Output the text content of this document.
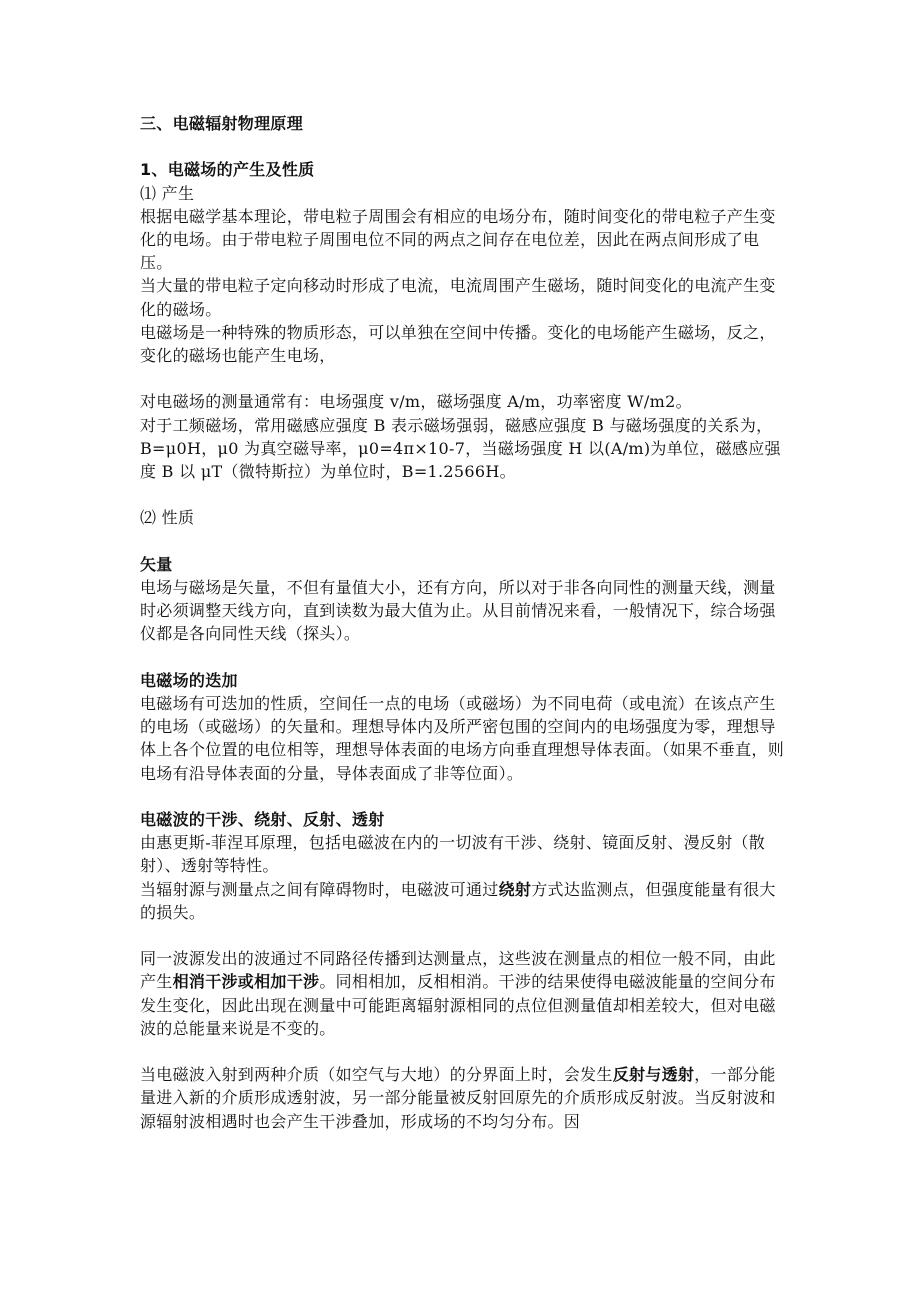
三、电磁辐射物理原理

1、电磁场的产生及性质

⑴ 产生

根据电磁学基本理论，带电粒子周围会有相应的电场分布，随时间变化的带电粒子产生变化的电场。由于带电粒子周围电位不同的两点之间存在电位差，因此在两点间形成了电压。

当大量的带电粒子定向移动时形成了电流，电流周围产生磁场，随时间变化的电流产生变化的磁场。

电磁场是一种特殊的物质形态，可以单独在空间中传播。变化的电场能产生磁场，反之，变化的磁场也能产生电场，

对电磁场的测量通常有：电场强度 v/m，磁场强度 A/m，功率密度 W/m2。

对于工频磁场，常用磁感应强度 B 表示磁场强弱，磁感应强度 B 与磁场强度的关系为，B=μ0H，μ0 为真空磁导率，μ0=4π×10-7，当磁场强度 H 以(A/m)为单位，磁感应强度 B 以 μT（微特斯拉）为单位时，B=1.2566H。

⑵ 性质

矢量

电场与磁场是矢量，不但有量值大小，还有方向，所以对于非各向同性的测量天线，测量时必须调整天线方向，直到读数为最大值为止。从目前情况来看，一般情况下，综合场强仪都是各向同性天线（探头）。

电磁场的迭加

电磁场有可迭加的性质，空间任一点的电场（或磁场）为不同电荷（或电流）在该点产生的电场（或磁场）的矢量和。理想导体内及所严密包围的空间内的电场强度为零，理想导体上各个位置的电位相等，理想导体表面的电场方向垂直理想导体表面。（如果不垂直，则电场有沿导体表面的分量，导体表面成了非等位面）。

电磁波的干涉、绕射、反射、透射

由惠更斯-菲涅耳原理，包括电磁波在内的一切波有干涉、绕射、镜面反射、漫反射（散射）、透射等特性。

当辐射源与测量点之间有障碍物时，电磁波可通过绕射方式达监测点，但强度能量有很大的损失。

同一波源发出的波通过不同路径传播到达测量点，这些波在测量点的相位一般不同，由此产生相消干涉或相加干涉。同相相加，反相相消。干涉的结果使得电磁波能量的空间分布发生变化，因此出现在测量中可能距离辐射源相同的点位但测量值却相差较大，但对电磁波的总能量来说是不变的。

当电磁波入射到两种介质（如空气与大地）的分界面上时，会发生反射与透射，一部分能量进入新的介质形成透射波，另一部分能量被反射回原先的介质形成反射波。当反射波和源辐射波相遇时也会产生干涉叠加，形成场的不均匀分布。因
